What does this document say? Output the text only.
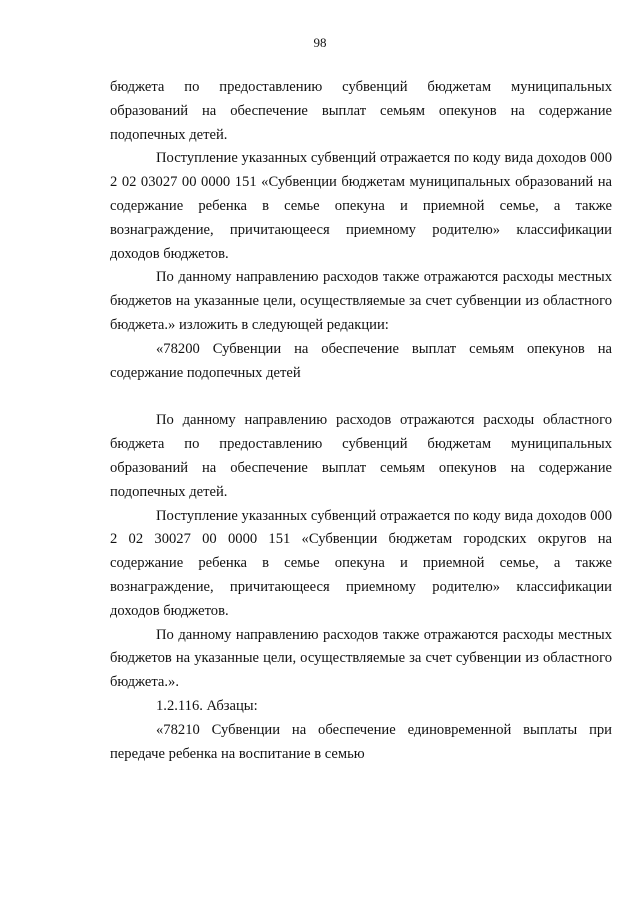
98

бюджета по предоставлению субвенций бюджетам муниципальных образований на обеспечение выплат семьям опекунов на содержание подопечных детей.

Поступление указанных субвенций отражается по коду вида доходов 000 2 02 03027 00 0000 151 «Субвенции бюджетам муниципальных образований на содержание ребенка в семье опекуна и приемной семье, а также вознаграждение, причитающееся приемному родителю» классификации доходов бюджетов.

По данному направлению расходов также отражаются расходы местных бюджетов на указанные цели, осуществляемые за счет субвенции из областного бюджета.» изложить в следующей редакции:

«78200 Субвенции на обеспечение выплат семьям опекунов на содержание подопечных детей

По данному направлению расходов отражаются расходы областного бюджета по предоставлению субвенций бюджетам муниципальных образований на обеспечение выплат семьям опекунов на содержание подопечных детей.

Поступление указанных субвенций отражается по коду вида доходов 000 2 02 30027 00 0000 151 «Субвенции бюджетам городских округов на содержание ребенка в семье опекуна и приемной семье, а также вознаграждение, причитающееся приемному родителю» классификации доходов бюджетов.

По данному направлению расходов также отражаются расходы местных бюджетов на указанные цели, осуществляемые за счет субвенции из областного бюджета.».

1.2.116. Абзацы:

«78210 Субвенции на обеспечение единовременной выплаты при передаче ребенка на воспитание в семью
